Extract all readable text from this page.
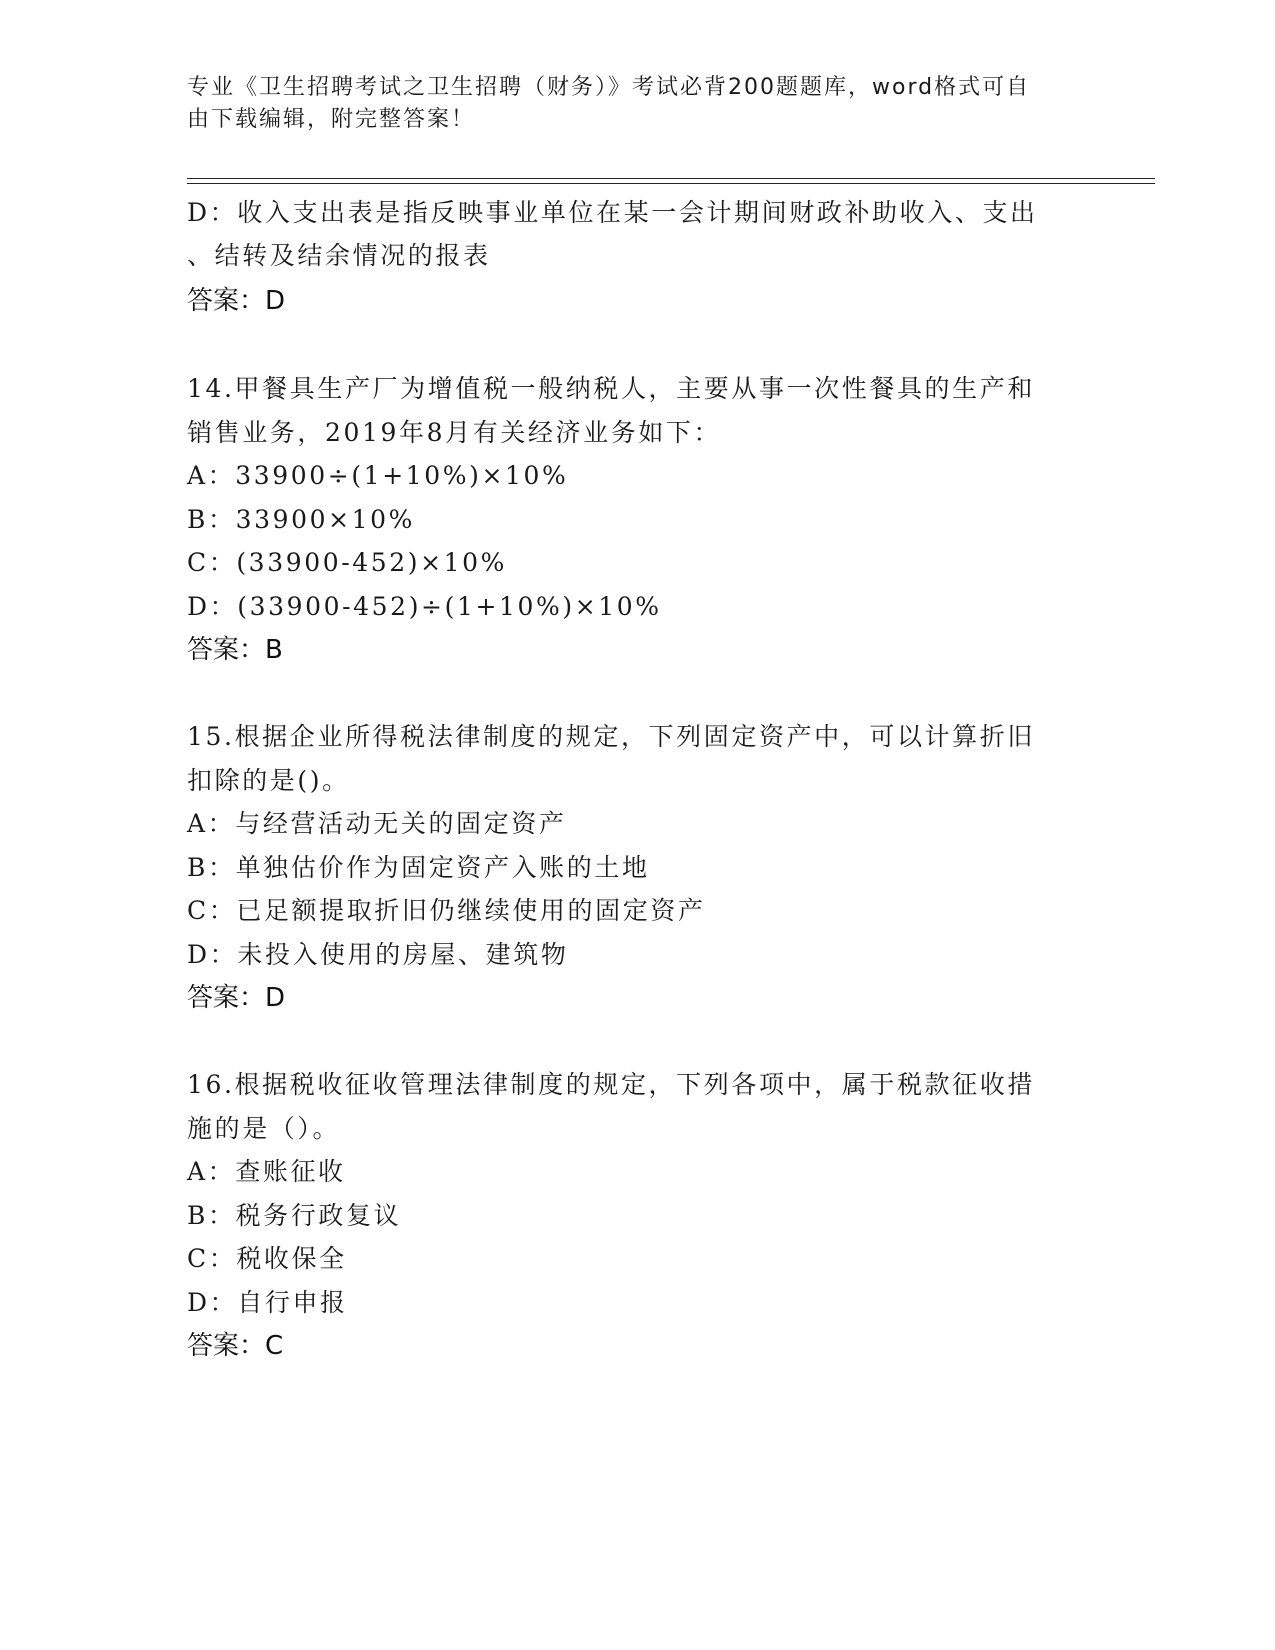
专业《卫生招聘考试之卫生招聘（财务）》考试必背200题题库，word格式可自
由下载编辑，附完整答案！
D：收入支出表是指反映事业单位在某一会计期间财政补助收入、支出
、结转及结余情况的报表
答案：D
14.甲餐具生产厂为增值税一般纳税人，主要从事一次性餐具的生产和
销售业务，2019年8月有关经济业务如下：
A：33900÷(1+10%)×10%
B：33900×10%
C：(33900-452)×10%
D：(33900-452)÷(1+10%)×10%
答案：B
15.根据企业所得税法律制度的规定，下列固定资产中，可以计算折旧
扣除的是()。
A：与经营活动无关的固定资产
B：单独估价作为固定资产入账的土地
C：已足额提取折旧仍继续使用的固定资产
D：未投入使用的房屋、建筑物
答案：D
16.根据税收征收管理法律制度的规定，下列各项中，属于税款征收措
施的是（）。
A：查账征收
B：税务行政复议
C：税收保全
D：自行申报
答案：C
